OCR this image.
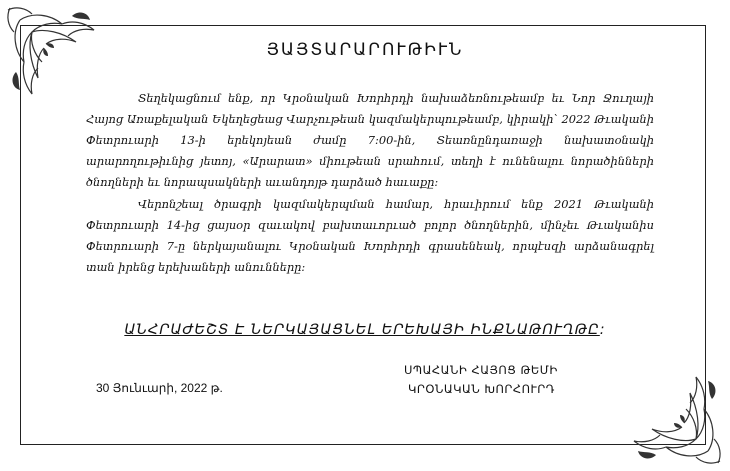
ՅԱՅՏԱՐԱՐՈՒԹԻՒՆ

Տեղեկացնում ենք, որ Կրօնական Խորհրդի նախաձեռնութեամբ եւ Նոր Ջուղայի Հայոց Առաքելական Եկեղեցեաց Վարչութեան կազմակերպութեամբ, կիրակի՝ 2022 Թւականի Փետրուարի 13-ի երեկոյեան ժամը 7:00-ին, Տեառնընդառաջի նախատօնակի արարողութիւնից յետոյ, «Արարատ» միութեան սրահում, տեղի է ունենալու նորածինների ծնողների եւ նորապսակների աւանդոյթ դարձած հաւաքը:

Վերոնշեալ ծրագրի կազմակերպման համար, հրաւիրում ենք 2021 Թւականի Փետրուարի 14-ից ցայսօր զաւակով բախտաւորւած բոլոր ծնողներին, մինչեւ Թւականիս Փետրուարի 7-ը ներկայանալու Կրօնական Խորհրդի գրասենեակ, որպէսզի արձանագրել տան իրենց երեխաների անունները:

ԱՆՀՐԱԺԵՇՏ Է ՆԵՐԿԱՅԱՑՆԵԼ ԵՐԵԽԱՅԻ ԻՆՔՆԱԹՈՒՂԹԸ:
30 Յունւարի, 2022 թ.
ՍՊԱՀԱՆԻ ՀԱՅՈՑ ԹԵՄԻ
ԿՐՕՆԱԿԱՆ ԽՈՐՀՈՒՐԴ
